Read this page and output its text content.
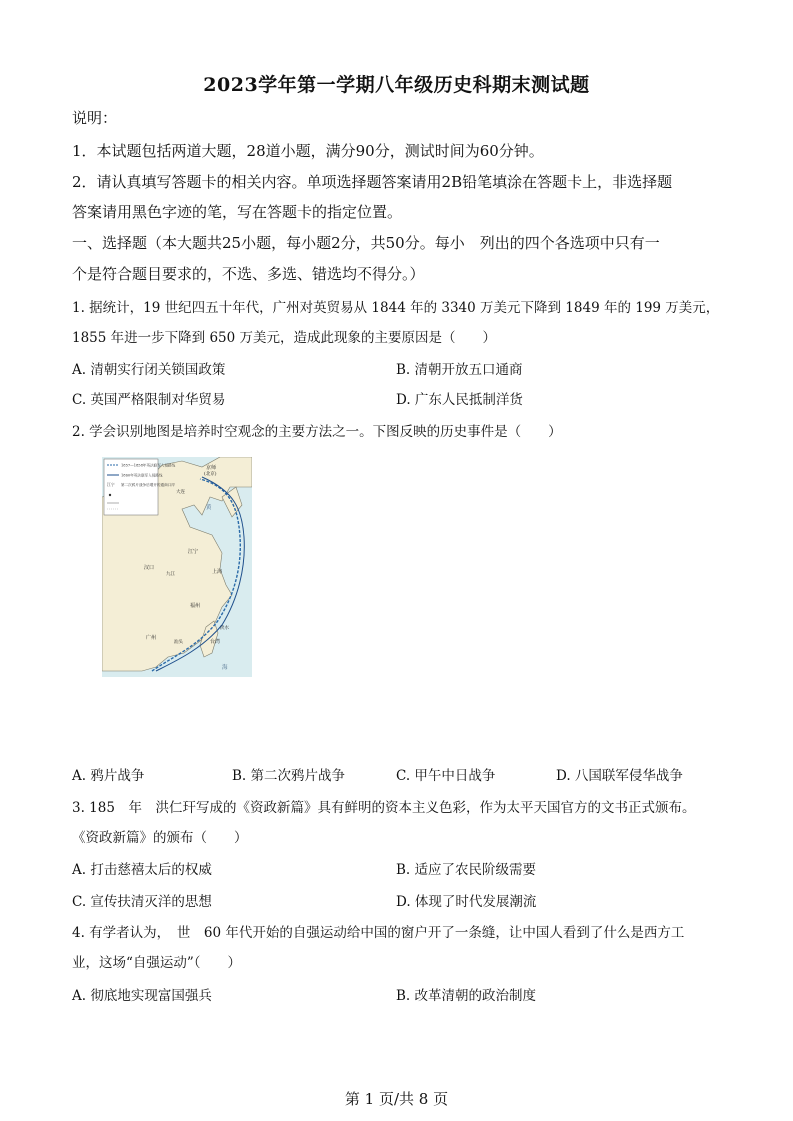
2023学年第一学期八年级历史科期末测试题
说明：
1．本试题包括两道大题，28道小题，满分90分，测试时间为60分钟。
2．请认真填写答题卡的相关内容。单项选择题答案请用2B铅笔填涂在答题卡上，非选择题
答案请用黑色字迹的笔，写在答题卡的指定位置。
一、选择题（本大题共25小题，每小题2分，共50分。每小　列出的四个各选项中只有一
个是符合题目要求的，不选、多选、错选均不得分。）
1. 据统计，19 世纪四五十年代，广州对英贸易从 1844 年的 3340 万美元下降到 1849 年的 199 万美元，
1855 年进一步下降到 650 万美元，造成此现象的主要原因是（　　）
A. 清朝实行闭关锁国政策	B. 清朝开放五口通商
C. 英国严格限制对华贸易	D. 广东人民抵制洋货
2. 学会识别地图是培养时空观念的主要方法之一。下图反映的历史事件是（　　）
1857—1858年英法联军入侵路线
1860年英法联军入侵路线
江宁 第二次鸦片战争后增开的通商口岸
京师
(北京)
大连
江宁
汉口
上海
福州
广州
汕头	台湾
淡水
九江
黄
海
A. 鸦片战争	B. 第二次鸦片战争	C. 甲午中日战争	D. 八国联军侵华战争
3. 185　年　洪仁玕写成的《资政新篇》具有鲜明的资本主义色彩，作为太平天国官方的文书正式颁布。
《资政新篇》的颁布（　　）
A. 打击慈禧太后的权威	B. 适应了农民阶级需要
C. 宣传扶清灭洋的思想	D. 体现了时代发展潮流
4. 有学者认为，　世　60 年代开始的自强运动给中国的窗户开了一条缝，让中国人看到了什么是西方工
业，这场“自强运动”（　　）
A. 彻底地实现富国强兵	B. 改革清朝的政治制度
第 1 页/共 8 页
